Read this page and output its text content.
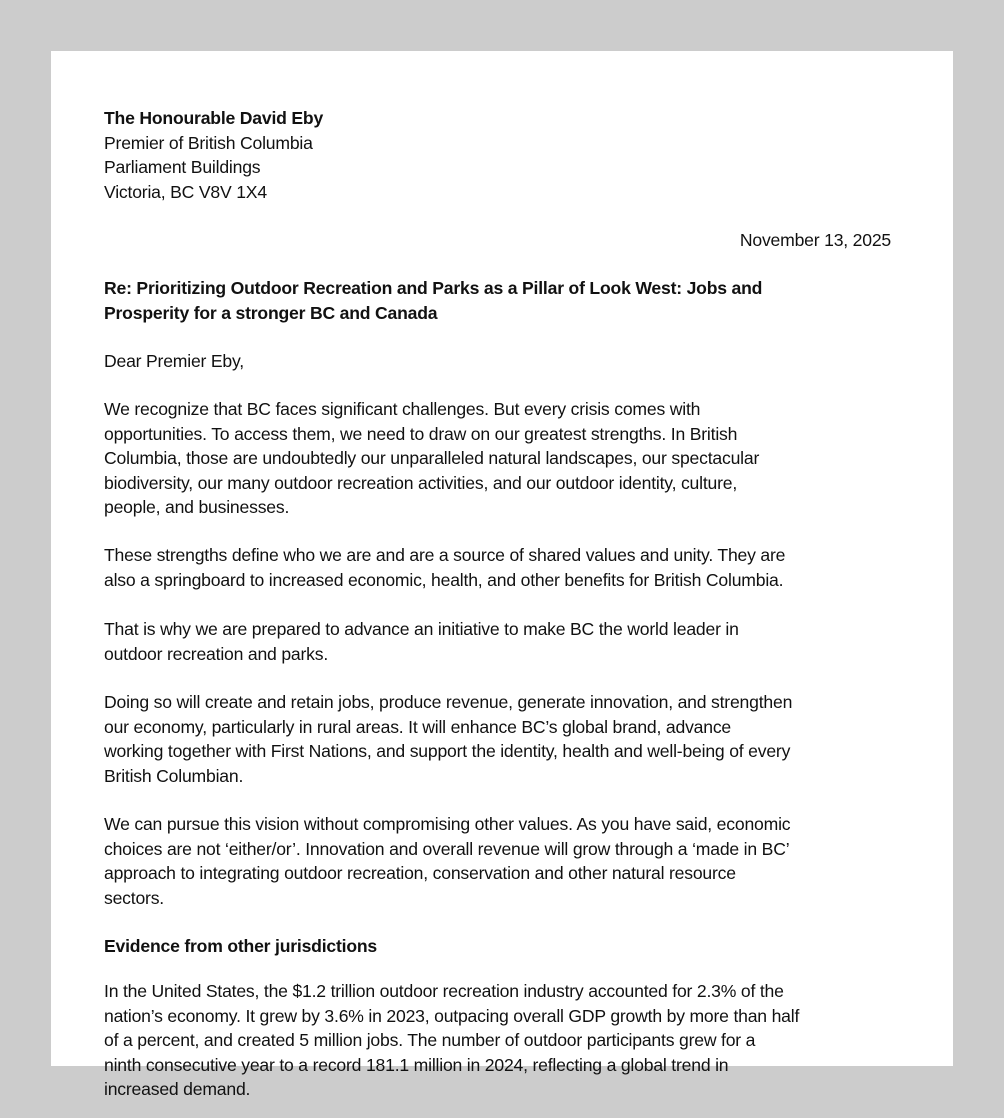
The Honourable David Eby
Premier of British Columbia
Parliament Buildings
Victoria, BC V8V 1X4
November 13, 2025
Re: Prioritizing Outdoor Recreation and Parks as a Pillar of Look West: Jobs and
Prosperity for a stronger BC and Canada
Dear Premier Eby,
We recognize that BC faces significant challenges. But every crisis comes with
opportunities. To access them, we need to draw on our greatest strengths. In British
Columbia, those are undoubtedly our unparalleled natural landscapes, our spectacular
biodiversity, our many outdoor recreation activities, and our outdoor identity, culture,
people, and businesses.
These strengths define who we are and are a source of shared values and unity. They are
also a springboard to increased economic, health, and other benefits for British Columbia.
That is why we are prepared to advance an initiative to make BC the world leader in
outdoor recreation and parks.
Doing so will create and retain jobs, produce revenue, generate innovation, and strengthen
our economy, particularly in rural areas. It will enhance BC’s global brand, advance
working together with First Nations, and support the identity, health and well-being of every
British Columbian.
We can pursue this vision without compromising other values. As you have said, economic
choices are not ‘either/or’. Innovation and overall revenue will grow through a ‘made in BC’
approach to integrating outdoor recreation, conservation and other natural resource
sectors.
Evidence from other jurisdictions
In the United States, the $1.2 trillion outdoor recreation industry accounted for 2.3% of the
nation’s economy. It grew by 3.6% in 2023, outpacing overall GDP growth by more than half
of a percent, and created 5 million jobs. The number of outdoor participants grew for a
ninth consecutive year to a record 181.1 million in 2024, reflecting a global trend in
increased demand.
